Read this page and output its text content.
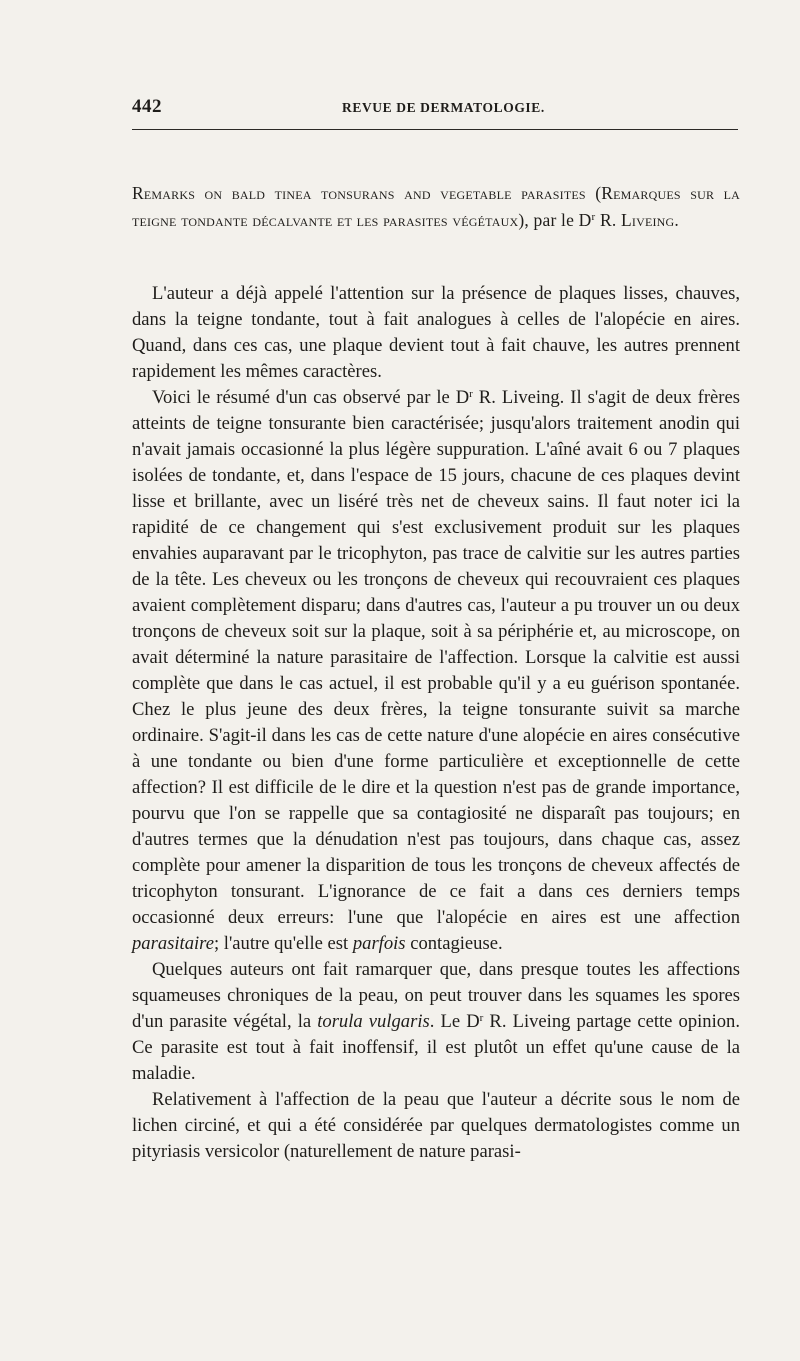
442	REVUE DE DERMATOLOGIE.
Remarks on bald tinea tonsurans and vegetable parasites (Remarques sur la teigne tondante décalvante et les parasites végétaux), par le $D^r$ R. Liveing.

L'auteur a déjà appelé l'attention sur la présence de plaques lisses, chauves, dans la teigne tondante, tout à fait analogues à celles de l'alopécie en aires. Quand, dans ces cas, une plaque devient tout à fait chauve, les autres prennent rapidement les mêmes caractères.

Voici le résumé d'un cas observé par le $D^r$ R. Liveing. Il s'agit de deux frères atteints de teigne tonsurante bien caractérisée; jusqu'alors traitement anodin qui n'avait jamais occasionné la plus légère suppuration. L'aîné avait 6 ou 7 plaques isolées de tondante, et, dans l'espace de 15 jours, chacune de ces plaques devint lisse et brillante, avec un liséré très net de cheveux sains. Il faut noter ici la rapidité de ce changement qui s'est exclusivement produit sur les plaques envahies auparavant par le tricophyton, pas trace de calvitie sur les autres parties de la tête. Les cheveux ou les tronçons de cheveux qui recouvraient ces plaques avaient complètement disparu; dans d'autres cas, l'auteur a pu trouver un ou deux tronçons de cheveux soit sur la plaque, soit à sa périphérie et, au microscope, on avait déterminé la nature parasitaire de l'affection. Lorsque la calvitie est aussi complète que dans le cas actuel, il est probable qu'il y a eu guérison spontanée. Chez le plus jeune des deux frères, la teigne tonsurante suivit sa marche ordinaire. S'agit-il dans les cas de cette nature d'une alopécie en aires consécutive à une tondante ou bien d'une forme particulière et exceptionnelle de cette affection? Il est difficile de le dire et la question n'est pas de grande importance, pourvu que l'on se rappelle que sa contagiosité ne disparaît pas toujours; en d'autres termes que la dénudation n'est pas toujours, dans chaque cas, assez complète pour amener la disparition de tous les tronçons de cheveux affectés de tricophyton tonsurant. L'ignorance de ce fait a dans ces derniers temps occasionné deux erreurs: l'une que l'alopécie en aires est une affection parasitaire; l'autre qu'elle est parfois contagieuse.

Quelques auteurs ont fait ramarquer que, dans presque toutes les affections squameuses chroniques de la peau, on peut trouver dans les squames les spores d'un parasite végétal, la torula vulgaris. Le $D^r$ R. Liveing partage cette opinion. Ce parasite est tout à fait inoffensif, il est plutôt un effet qu'une cause de la maladie.

Relativement à l'affection de la peau que l'auteur a décrite sous le nom de lichen circiné, et qui a été considérée par quelques dermatologistes comme un pityriasis versicolor (naturellement de nature parasi-
